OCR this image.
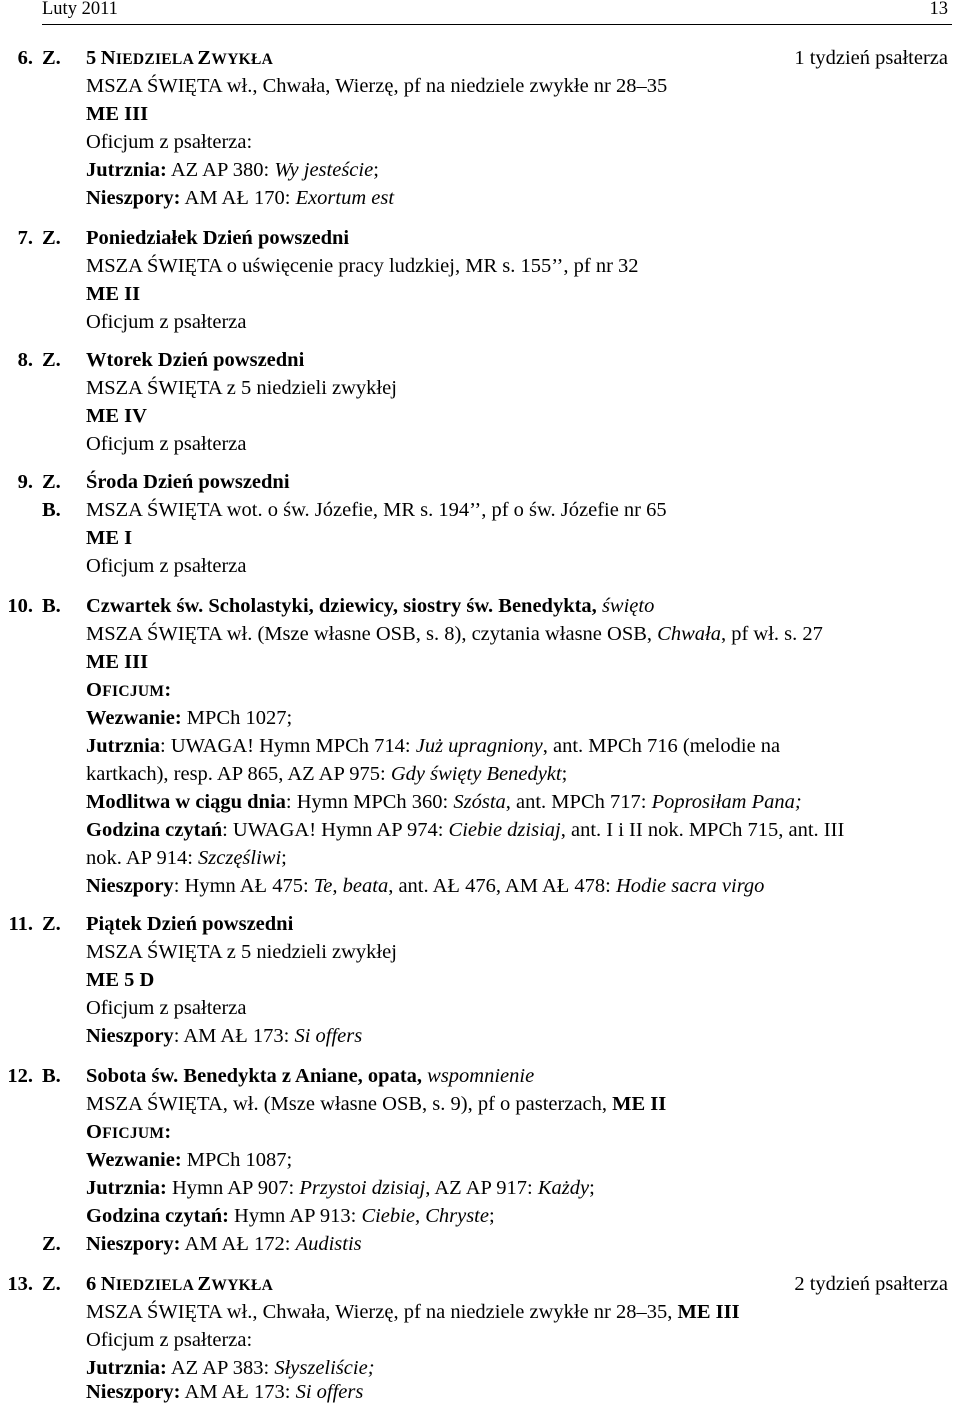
Luty 2011	13
6. Z. 5 NIEDZIELA ZWYKŁA	1 tydzień psałterza
MSZA ŚWIĘTA wł., Chwała, Wierzę, pf na niedziele zwykłe nr 28–35
ME III
Oficjum z psałterza:
Jutrznia: AZ AP 380: Wy jesteście;
Nieszpory: AM AŁ 170: Exortum est
7. Z. Poniedziałek Dzień powszedni
MSZA ŚWIĘTA o uświęcenie pracy ludzkiej, MR s. 155’’, pf nr 32
ME II
Oficjum z psałterza
8. Z. Wtorek Dzień powszedni
MSZA ŚWIĘTA z 5 niedzieli zwykłej
ME IV
Oficjum z psałterza
9. Z. Środa Dzień powszedni
B. MSZA ŚWIĘTA wot. o św. Józefie, MR s. 194’’, pf o św. Józefie nr 65
ME I
Oficjum z psałterza
10. B. Czwartek św. Scholastyki, dziewicy, siostry św. Benedykta, święto
MSZA ŚWIĘTA wł. (Msze własne OSB, s. 8), czytania własne OSB, Chwała, pf wł. s. 27
ME III
OFICJUM:
Wezwanie: MPCh 1027;
Jutrznia: UWAGA! Hymn MPCh 714: Już upragniony, ant. MPCh 716 (melodie na
kartkach), resp. AP 865, AZ AP 975: Gdy święty Benedykt;
Modlitwa w ciągu dnia: Hymn MPCh 360: Szósta, ant. MPCh 717: Poprosiłam Pana;
Godzina czytań: UWAGA! Hymn AP 974: Ciebie dzisiaj, ant. I i II nok. MPCh 715, ant. III
nok. AP 914: Szczęśliwi;
Nieszpory: Hymn AŁ 475: Te, beata, ant. AŁ 476, AM AŁ 478: Hodie sacra virgo
11. Z. Piątek Dzień powszedni
MSZA ŚWIĘTA z 5 niedzieli zwykłej
ME 5 D
Oficjum z psałterza
Nieszpory: AM AŁ 173: Si offers
12. B. Sobota św. Benedykta z Aniane, opata, wspomnienie
MSZA ŚWIĘTA, wł. (Msze własne OSB, s. 9), pf o pasterzach, ME II
OFICJUM:
Wezwanie: MPCh 1087;
Jutrznia: Hymn AP 907: Przystoi dzisiaj, AZ AP 917: Każdy;
Godzina czytań: Hymn AP 913: Ciebie, Chryste;
Z. Nieszpory: AM AŁ 172: Audistis
13. Z. 6 NIEDZIELA ZWYKŁA	2 tydzień psałterza
MSZA ŚWIĘTA wł., Chwała, Wierzę, pf na niedziele zwykłe nr 28–35, ME III
Oficjum z psałterza:
Jutrznia: AZ AP 383: Słyszeliście;
Nieszpory: AM AŁ 173: Si offers
